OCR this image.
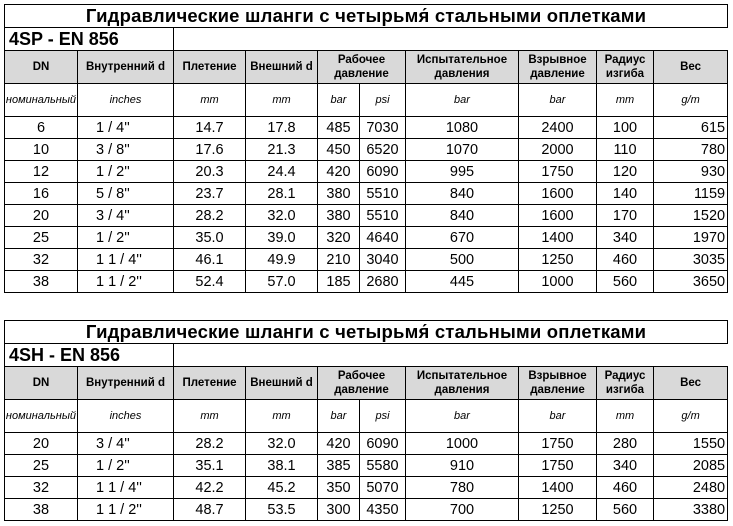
Гидравлические шланги с четырьмя́ стальными оплетками									
4SP - EN 856									
DN	Внутренний d	Плетение	Внешний d	Рабочее давление		Испытательное давления	Взрывное давление	Радиус изгиба	Вес
номинальный	inches	mm	mm	bar	psi	bar	bar	mm	g/m
6	1 / 4''	14.7	17.8	485	7030	1080	2400	100	615
10	3 / 8''	17.6	21.3	450	6520	1070	2000	110	780
12	1 / 2''	20.3	24.4	420	6090	995	1750	120	930
16	5 / 8''	23.7	28.1	380	5510	840	1600	140	1159
20	3 / 4''	28.2	32.0	380	5510	840	1600	170	1520
25	1 / 2''	35.0	39.0	320	4640	670	1400	340	1970
32	1 1 / 4''	46.1	49.9	210	3040	500	1250	460	3035
38	1 1 / 2''	52.4	57.0	185	2680	445	1000	560	3650
Гидравлические шланги с четырьмя́ стальными оплетками									
4SH - EN 856									
DN	Внутренний d	Плетение	Внешний d	Рабочее давление		Испытательное давления	Взрывное давление	Радиус изгиба	Вес
номинальный	inches	mm	mm	bar	psi	bar	bar	mm	g/m
20	3 / 4''	28.2	32.0	420	6090	1000	1750	280	1550
25	1 / 2''	35.1	38.1	385	5580	910	1750	340	2085
32	1 1 / 4''	42.2	45.2	350	5070	780	1400	460	2480
38	1 1 / 2''	48.7	53.5	300	4350	700	1250	560	3380
